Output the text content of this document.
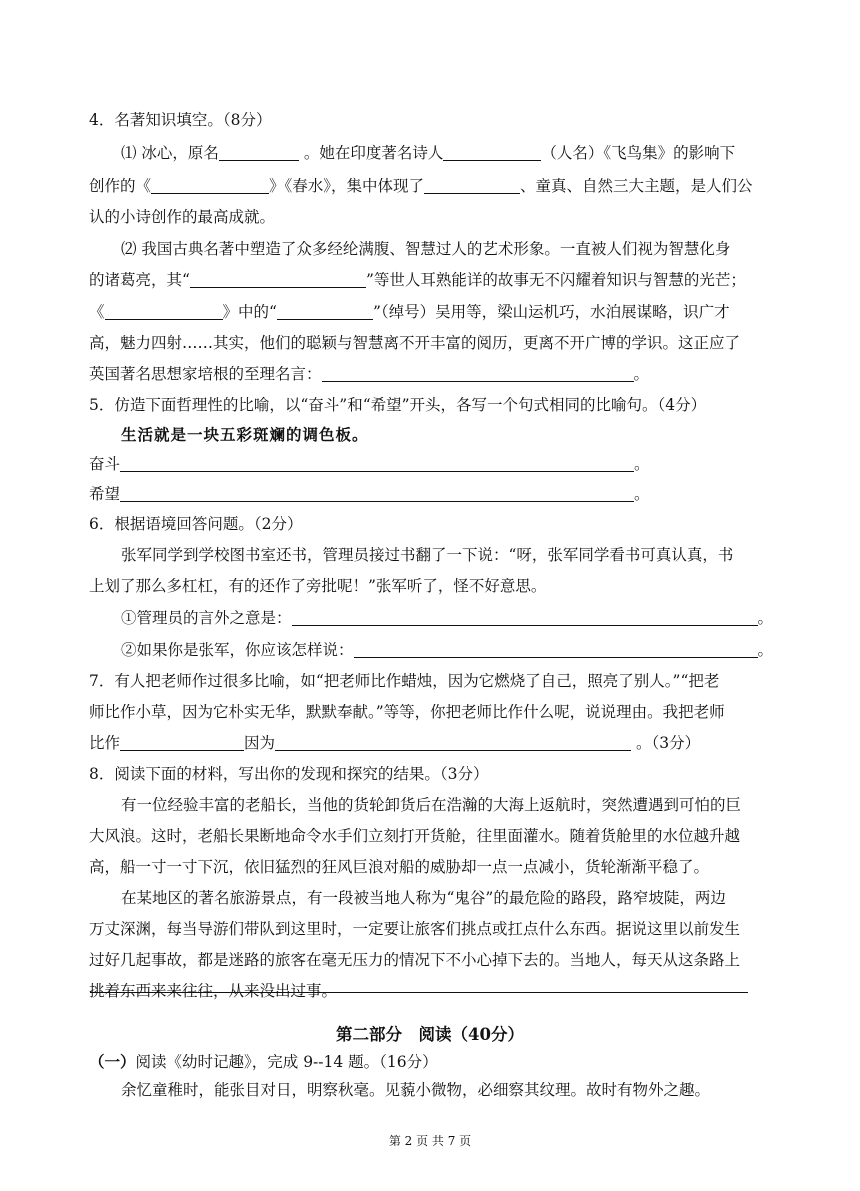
4．名著知识填空。（8分）
⑴ 冰心，原名	。她在印度著名诗人	（人名）《飞鸟集》的影响下
创作的《	》《春水》，集中体现了	、童真、自然三大主题，是人们公
认的小诗创作的最高成就。
⑵ 我国古典名著中塑造了众多经纶满腹、智慧过人的艺术形象。一直被人们视为智慧化身
的诸葛亮，其“	”等世人耳熟能详的故事无不闪耀着知识与智慧的光芒；
《	》中的“	”（绰号）吴用等，梁山运机巧，水泊展谋略，识广才
高，魅力四射……其实，他们的聪颖与智慧离不开丰富的阅历，更离不开广博的学识。这正应了
英国著名思想家培根的至理名言：	。
5．仿造下面哲理性的比喻，以“奋斗”和“希望”开头，各写一个句式相同的比喻句。（4分）
生活就是一块五彩斑斓的调色板。
奋斗	。
希望	。
6．根据语境回答问题。（2分）
张军同学到学校图书室还书，管理员接过书翻了一下说：“呀，张军同学看书可真认真，书
上划了那么多杠杠，有的还作了旁批呢！”张军听了，怪不好意思。
①管理员的言外之意是：	。
②如果你是张军，你应该怎样说：	。
7．有人把老师作过很多比喻，如“把老师比作蜡烛，因为它燃烧了自己，照亮了别人。”“把老
师比作小草，因为它朴实无华，默默奉献。”等等，你把老师比作什么呢，说说理由。我把老师
比作	因为	。（3分）
8．阅读下面的材料，写出你的发现和探究的结果。（3分）
有一位经验丰富的老船长，当他的货轮卸货后在浩瀚的大海上返航时，突然遭遇到可怕的巨
大风浪。这时，老船长果断地命令水手们立刻打开货舱，往里面灌水。随着货舱里的水位越升越
高，船一寸一寸下沉，依旧猛烈的狂风巨浪对船的威胁却一点一点减小，货轮渐渐平稳了。
在某地区的著名旅游景点，有一段被当地人称为“鬼谷”的最危险的路段，路窄坡陡，两边
万丈深渊，每当导游们带队到这里时，一定要让旅客们挑点或扛点什么东西。据说这里以前发生
过好几起事故，都是迷路的旅客在毫无压力的情况下不小心掉下去的。当地人，每天从这条路上
挑着东西来来往往，从来没出过事。
第二部分　阅读（40分）
（一）阅读《幼时记趣》，完成 9--14 题。（16分）
余忆童稚时，能张目对日，明察秋毫。见藐小微物，必细察其纹理。故时有物外之趣。
第 2 页 共 7 页
